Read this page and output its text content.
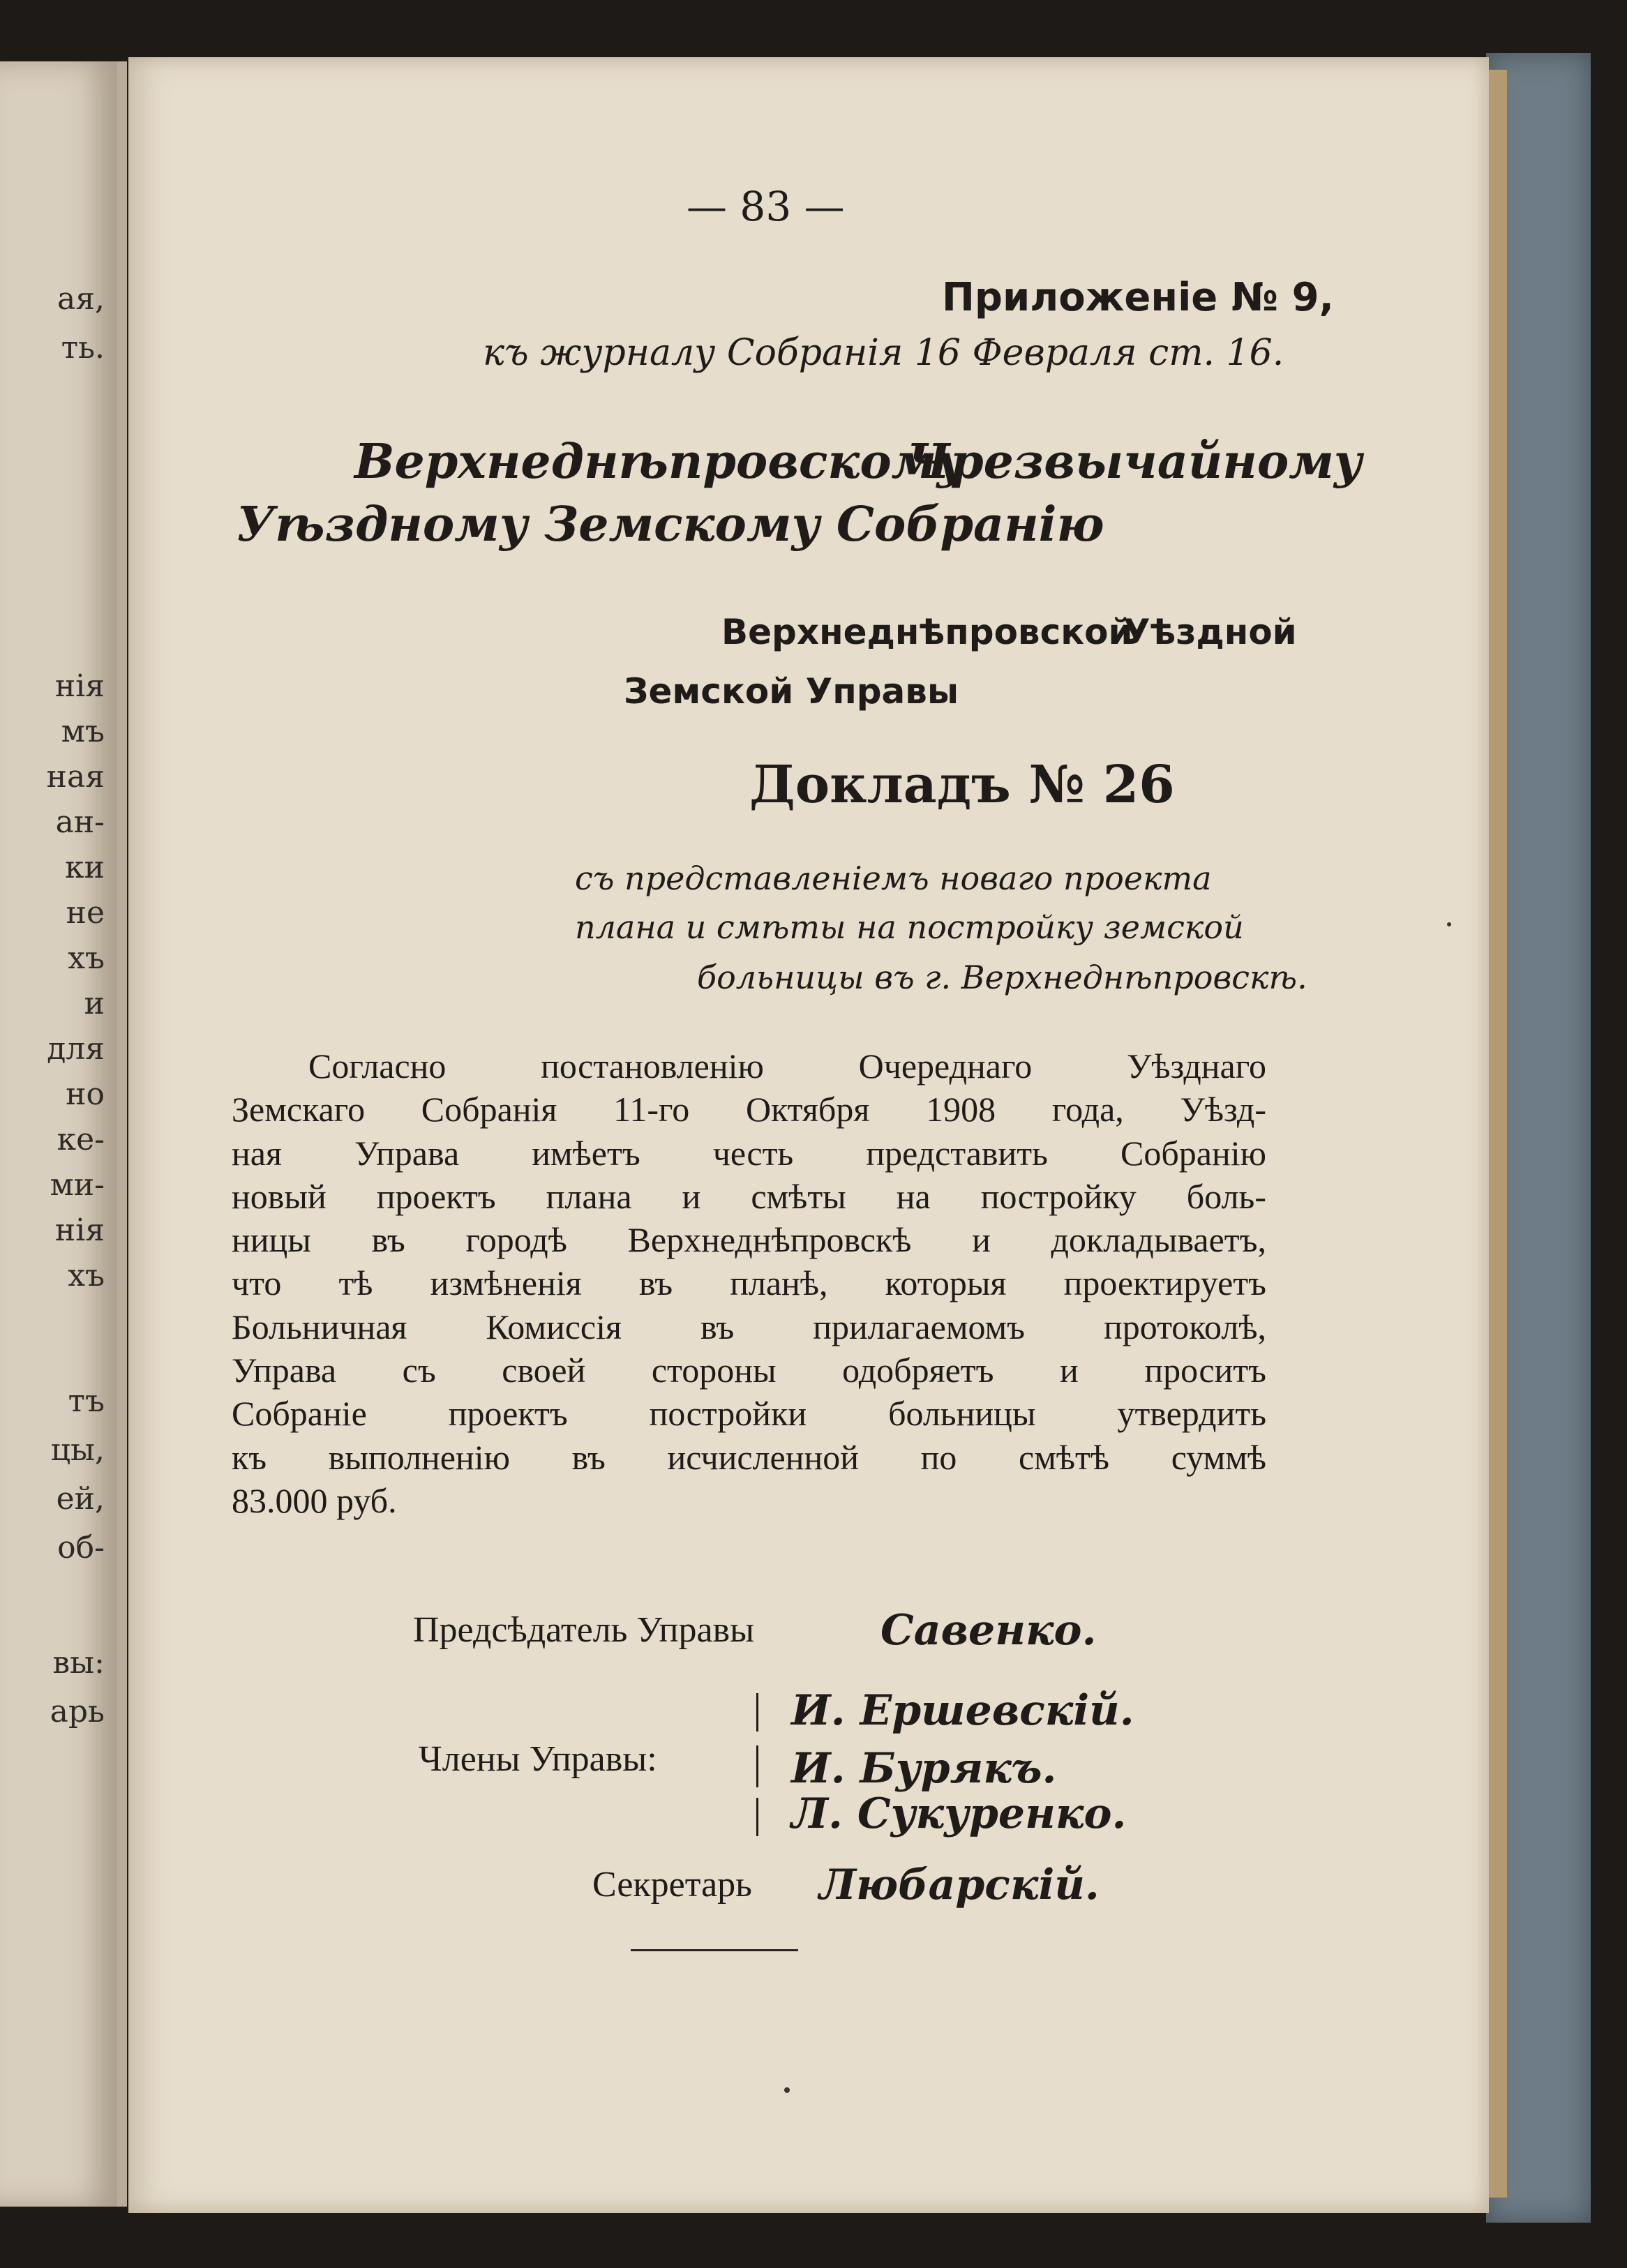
ая,
ть.
нія
мъ
ная
ан-
ки
не
хъ
и
для
но
ке-
ми-
нія
хъ
тъ
цы,
ей,
об-
вы:
арь
— 83 —
Приложеніе № 9,
къ журналу Собранія 16 Февраля ст. 16.
Верхнеднѣпровскому
Чрезвычайному
Уѣздному Земскому Собранію
Верхнеднѣпровской
Уѣздной
Земской Управы
Докладъ № 26
съ представленіемъ новаго проекта
плана и смѣты на постройку земской
больницы въ г. Верхнеднѣпровскѣ.
Согласно постановленію Очереднаго Уѣзднаго
Земскаго Собранія 11-го Октября 1908 года, Уѣзд-
ная Управа имѣетъ честь представить Собранію
новый проектъ плана и смѣты на постройку боль-
ницы въ городѣ Верхнеднѣпровскѣ и докладываетъ,
что тѣ измѣненія въ планѣ, которыя проектируетъ
Больничная Комиссія въ прилагаемомъ протоколѣ,
Управа съ своей стороны одобряетъ и проситъ
Собраніе проектъ постройки больницы утвердить
къ выполненію въ исчисленной по смѣтѣ суммѣ
83.000 руб.
Предсѣдатель Управы	Савенко.
Члены Управы:
И. Ершевскій.
И. Бурякъ.
Л. Сукуренко.
Секретарь Любарскій.
